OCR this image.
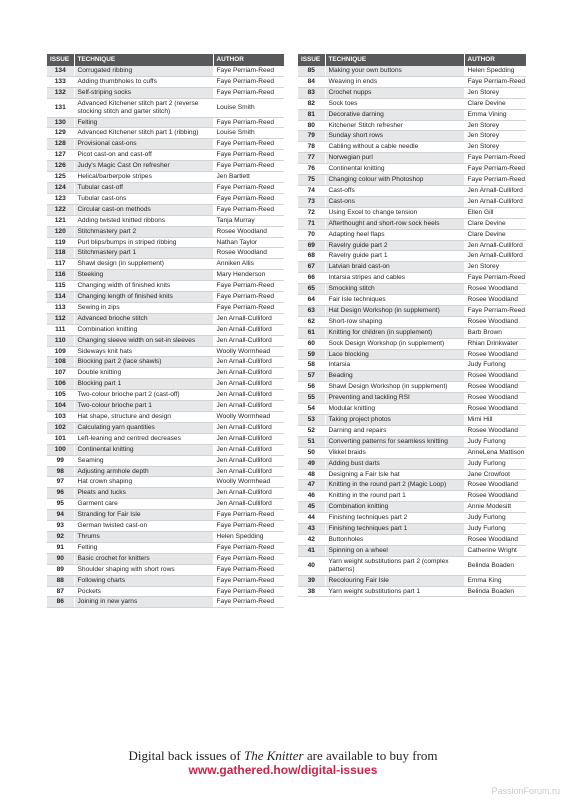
ISSUE	TECHNIQUE	AUTHOR
134	Corrugated ribbing	Faye Perriam-Reed
133	Adding thumbholes to cuffs	Faye Perriam-Reed
132	Self-striping socks	Faye Perriam-Reed
131	Advanced Kitchener stitch part 2 (reverse stocking stitch and garter stitch)	Louise Smith
130	Felting	Faye Perriam-Reed
129	Advanced Kitchener stitch part 1 (ribbing)	Louise Smith
128	Provisional cast-ons	Faye Perriam-Reed
127	Picot cast-on and cast-off	Faye Perriam-Reed
126	Judy's Magic Cast On refresher	Faye Perriam-Reed
125	Helical/barberpole stripes	Jen Bartlett
124	Tubular cast-off	Faye Perriam-Reed
123	Tubular cast-ons	Faye Perriam-Reed
122	Circular cast-on methods	Faye Perriam-Reed
121	Adding twisted knitted ribbons	Tanja Murray
120	Stitchmastery part 2	Rosee Woodland
119	Purl blips/bumps in striped ribbing	Nathan Taylor
118	Stitchmastery part 1	Rosee Woodland
117	Shawl design (in supplement)	Anniken Allis
116	Steeking	Mary Henderson
115	Changing width of finished knits	Faye Perriam-Reed
114	Changing length of finished knits	Faye Perriam-Reed
113	Sewing in zips	Faye Perriam-Reed
112	Advanced brioche stitch	Jen Arnall-Culliford
111	Combination knitting	Jen Arnall-Culliford
110	Changing sleeve width on set-in sleeves	Jen Arnall-Culliford
109	Sideways knit hats	Woolly Wormhead
108	Blocking part 2 (lace shawls)	Jen Arnall-Culliford
107	Double knitting	Jen Arnall-Culliford
106	Blocking part 1	Jen Arnall-Culliford
105	Two-colour brioche part 2 (cast-off)	Jen Arnall-Culliford
104	Two-colour brioche part 1	Jen Arnall-Culliford
103	Hat shape, structure and design	Woolly Wormhead
102	Calculating yarn quantities	Jen Arnall-Culliford
101	Left-leaning and centred decreases	Jen Arnall-Culliford
100	Continental knitting	Jen Arnall-Culliford
99	Seaming	Jen Arnall-Culliford
98	Adjusting armhole depth	Jen Arnall-Culliford
97	Hat crown shaping	Woolly Wormhead
96	Pleats and tucks	Jen Arnall-Culliford
95	Garment care	Jen Arnall-Culliford
94	Stranding for Fair Isle	Faye Perriam-Reed
93	German twisted cast-on	Faye Perriam-Reed
92	Thrums	Helen Spedding
91	Felting	Faye Perriam-Reed
90	Basic crochet for knitters	Faye Perriam-Reed
89	Shoulder shaping with short rows	Faye Perriam-Reed
88	Following charts	Faye Perriam-Reed
87	Pockets	Faye Perriam-Reed
86	Joining in new yarns	Faye Perriam-Reed
ISSUE	TECHNIQUE	AUTHOR
85	Making your own buttons	Helen Spedding
84	Weaving in ends	Faye Perriam-Reed
83	Crochet nupps	Jen Storey
82	Sock toes	Clare Devine
81	Decorative darning	Emma Vining
80	Kitchener Stitch refresher	Jen Storey
79	Sunday short rows	Jen Storey
78	Cabling without a cable needle	Jen Storey
77	Norwegian purl	Faye Perriam-Reed
76	Continental knitting	Faye Perriam-Reed
75	Changing colour with Photoshop	Faye Perriam-Reed
74	Cast-offs	Jen Arnall-Culliford
73	Cast-ons	Jen Arnall-Culliford
72	Using Excel to change tension	Ellen Gill
71	Afterthought and short-row sock heels	Clare Devine
70	Adapting heel flaps	Clare Devine
69	Ravelry guide part 2	Jen Arnall-Culliford
68	Ravelry guide part 1	Jen Arnall-Culliford
67	Latvian braid cast-on	Jen Storey
66	Intarsia stripes and cables	Faye Perriam-Reed
65	Smocking stitch	Rosee Woodland
64	Fair Isle techniques	Rosee Woodland
63	Hat Design Workshop (in supplement)	Faye Perriam-Reed
62	Short-row shaping	Rosee Woodland
61	Knitting for children (in supplement)	Barb Brown
60	Sock Design Workshop (in supplement)	Rhian Drinkwater
59	Lace blocking	Rosee Woodland
58	Intarsia	Judy Furlong
57	Beading	Rosee Woodland
56	Shawl Design Workshop (in supplement)	Rosee Woodland
55	Preventing and tackling RSI	Rosee Woodland
54	Modular knitting	Rosee Woodland
53	Taking project photos	Mimi Hill
52	Darning and repairs	Rosee Woodland
51	Converting patterns for seamless knitting	Judy Furlong
50	Vikkel braids	AnneLena Mattison
49	Adding bust darts	Judy Furlong
48	Designing a Fair Isle hat	Jane Crowfoot
47	Knitting in the round part 2 (Magic Loop)	Rosee Woodland
46	Knitting in the round part 1	Rosee Woodland
45	Combination knitting	Annie Modesitt
44	Finishing techniques part 2	Judy Furlong
43	Finishing techniques part 1	Judy Furlong
42	Buttonholes	Rosee Woodland
41	Spinning on a wheel	Catherine Wright
40	Yarn weight substitutions part 2 (complex patterns)	Belinda Boaden
39	Recolouring Fair Isle	Emma King
38	Yarn weight substitutions part 1	Belinda Boaden
Digital back issues of The Knitter are available to buy from
www.gathered.how/digital-issues
PassionForum.ru
